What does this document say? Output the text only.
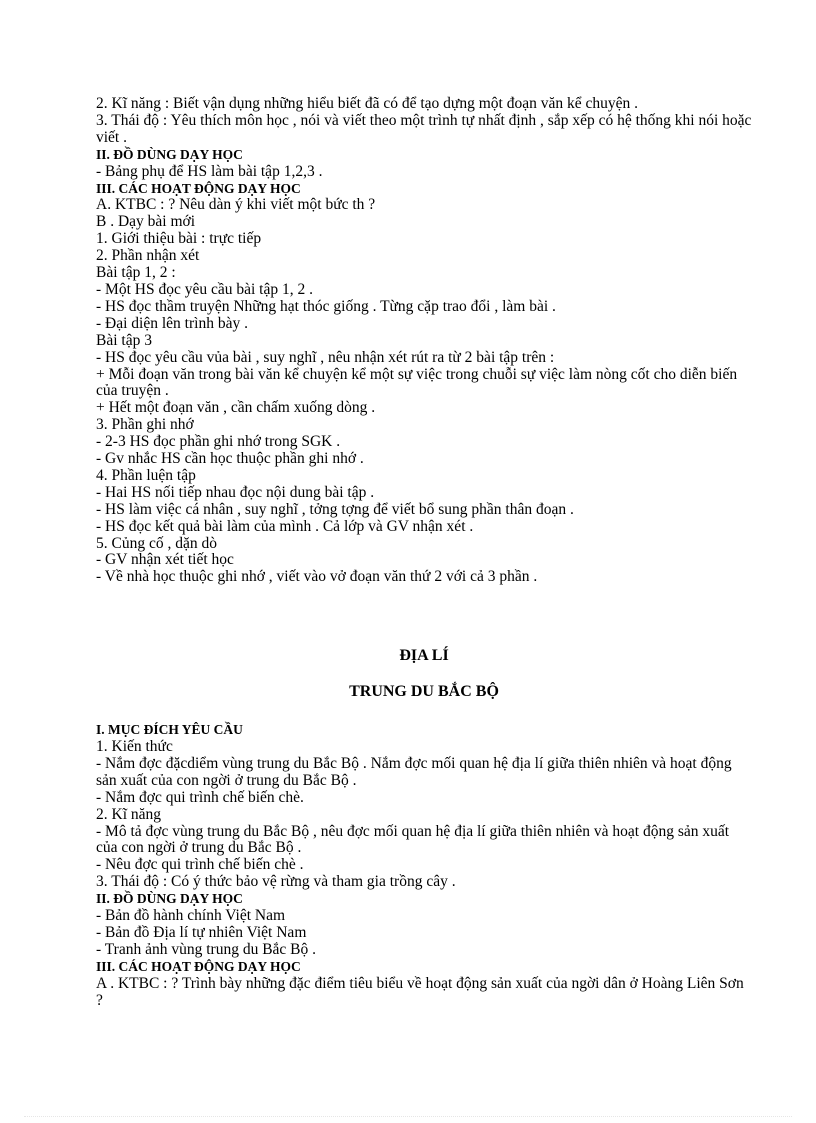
2. Kĩ năng : Biết vận dụng những hiểu biết đã có để tạo dựng một đoạn văn kể chuyện .

3. Thái độ : Yêu thích môn học , nói và viết theo một trình tự nhất định , sắp xếp có hệ thống khi nói hoặc viết .

II. ĐỒ DÙNG DẠY HỌC

- Bảng phụ để HS làm bài tập 1,2,3 .

III. CÁC HOẠT ĐỘNG DẠY HỌC

A. KTBC : ? Nêu dàn ý khi viết một bức th ?

B . Dạy bài mới

1. Giới thiệu bài : trực tiếp

2. Phần nhận xét

Bài tập 1, 2 :

- Một HS đọc yêu cầu bài tập 1, 2 .

- HS đọc thầm truyện Những hạt thóc giống . Từng cặp trao đổi , làm bài .

- Đại diện lên trình bày .

Bài tập 3

- HS đọc yêu cầu vủa bài , suy nghĩ , nêu nhận xét rút ra từ 2 bài tập trên :

+ Mỗi đoạn văn trong bài văn kể chuyện kể một sự việc trong chuỗi sự việc làm nòng cốt cho diễn biến của truyện .

+ Hết một đoạn văn , cần chấm xuống dòng .

3. Phần ghi nhớ

- 2-3 HS đọc phần ghi nhớ trong SGK .

- Gv nhắc HS cần học thuộc phần ghi nhớ .

4. Phần luện tập

- Hai HS nối tiếp nhau đọc nội dung bài tập .

- HS làm việc cá nhân , suy nghĩ , tởng tợng để viết bổ sung phần thân đoạn .

- HS đọc kết quả bài làm của mình . Cả lớp và GV nhận xét .

5. Củng cố , dặn dò

- GV nhận xét tiết học

- Về nhà học thuộc ghi nhớ , viết vào vở đoạn văn thứ 2 với cả 3 phần .

ĐỊA LÍ

TRUNG DU BẮC BỘ

I. MỤC ĐÍCH YÊU CẦU

1. Kiến thức

- Nắm đợc đặcdiểm vùng trung du Bắc Bộ . Nắm đợc mối quan hệ địa lí giữa thiên nhiên và hoạt động sản xuất của con ngời ở trung du Bắc Bộ .

- Nắm đợc qui trình chế biến chè.

2. Kĩ năng

- Mô tả đợc vùng trung du Bắc Bộ , nêu đợc mối quan hệ địa lí giữa thiên nhiên và hoạt động sản xuất của con ngời ở trung du Bắc Bộ .

- Nêu đợc qui trình chế biến chè .

3. Thái độ : Có ý thức bảo vệ rừng và tham gia trồng cây .

II. ĐỒ DÙNG DẠY HỌC

- Bản đồ hành chính Việt Nam

- Bản đồ Địa lí tự nhiên Việt Nam

- Tranh ảnh vùng trung du Bắc Bộ .

III. CÁC HOẠT ĐỘNG DẠY HỌC

A . KTBC : ? Trình bày những đặc điểm tiêu biểu về hoạt động sản xuất của ngời dân ở Hoàng Liên Sơn ?
